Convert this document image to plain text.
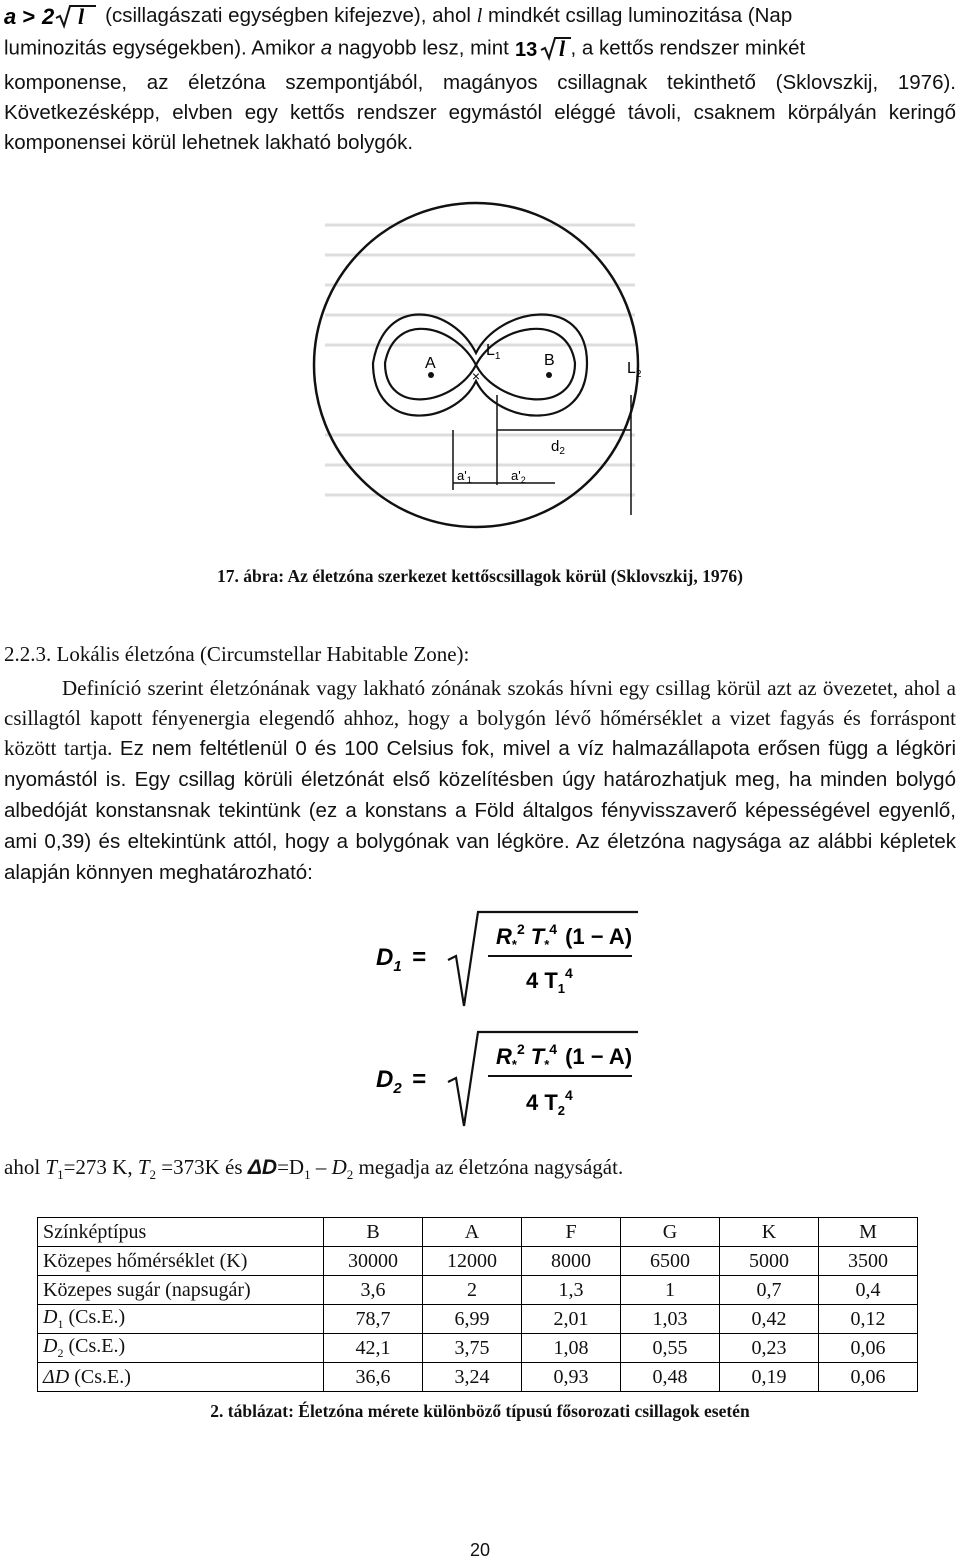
a > 2 l (csillagászati egységben kifejezve), ahol l mindkét csillag luminozitása (Nap
luminozitás egységekben). Amikor a nagyobb lesz, mint 13 l , a kettős rendszer minkét
komponense, az életzóna szempontjából, magányos csillagnak tekinthető (Sklovszkij, 1976). Következésképp, elvben egy kettős rendszer egymástól eléggé távoli, csaknem körpályán keringő komponensei körül lehetnek lakható bolygók.
A	B
$L_1$
$L_2$
×
$d_2$
$a'_1$	$a'_2$
17. ábra: Az életzóna szerkezet kettőscsillagok körül (Sklovszkij, 1976)
2.2.3. Lokális életzóna (Circumstellar Habitable Zone):
Definíció szerint életzónának vagy lakható zónának szokás hívni egy csillag körül azt az övezetet, ahol a csillagtól kapott fényenergia elegendő ahhoz, hogy a bolygón lévő hőmérséklet a vizet fagyás és forráspont között tartja. Ez nem feltétlenül 0 és 100 Celsius fok, mivel a víz halmazállapota erősen függ a légköri nyomástól is. Egy csillag körüli életzónát első közelítésben úgy határozhatjuk meg, ha minden bolygó albedóját konstansnak tekintünk (ez a konstans a Föld általgos fényvisszaverő képességével egyenlő, ami 0,39) és eltekintünk attól, hogy a bolygónak van légköre. Az életzóna nagysága az alábbi képletek alapján könnyen meghatározható:
$D_1$ =
$R_*^2$ $T_*^4$ (1 − A)
4 $T_1^4$
$D_2$ =
$R_*^2$ $T_*^4$ (1 − A)
4 $T_2^4$
ahol $T_1=273$ K, $T_2 =373K$ és $\Delta D=D_1 - D_2$ megadja az életzóna nagyságát.
Színképtípus	B	A	F	G	K	M
Közepes hőmérséklet (K)	30000	12000	8000	6500	5000	3500
Közepes sugár (napsugár)	3,6	2	1,3	1	0,7	0,4
$D_1$ (Cs.E.)	78,7	6,99	2,01	1,03	0,42	0,12
$D_2$ (Cs.E.)	42,1	3,75	1,08	0,55	0,23	0,06
ΔD (Cs.E.)	36,6	3,24	0,93	0,48	0,19	0,06
2. táblázat: Életzóna mérete különböző típusú fősorozati csillagok esetén
20
